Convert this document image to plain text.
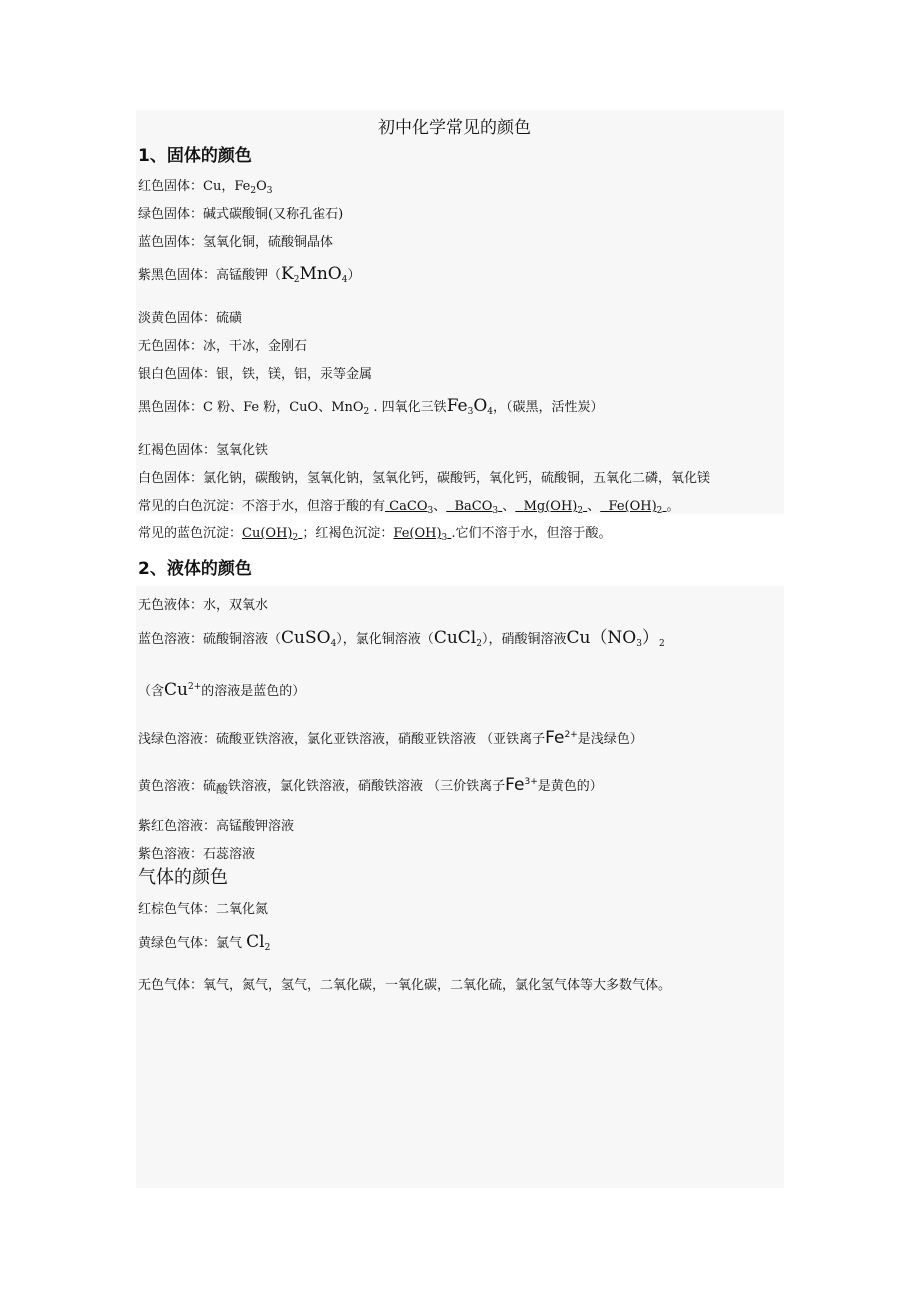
初中化学常见的颜色
1、固体的颜色
红色固体：Cu，$Fe_2O_3$
绿色固体：碱式碳酸铜(又称孔雀石)
蓝色固体：氢氧化铜，硫酸铜晶体
紫黑色固体：高锰酸钾$(K_2MnO_4)$
淡黄色固体：硫磺
无色固体：冰，干冰，金刚石
银白色固体：银，铁，镁，铝，汞等金属
黑色固体：C 粉、Fe 粉，CuO、MnO$_2$ . 四氧化三铁$Fe_3O_4$，（碳黑，活性炭）
红褐色固体：氢氧化铁
白色固体：氯化钠，碳酸钠，氢氧化钠，氢氧化钙，碳酸钙，氧化钙，硫酸铜，五氧化二磷，氧化镁
常见的白色沉淀：不溶于水，但溶于酸的有 CaCO$_3$、 BaCO$_3$ 、 $Mg(OH)_2$ 、 $Fe(OH)_2$ 。
常见的蓝色沉淀：$Cu(OH)_2$ ；红褐色沉淀：$Fe(OH)_3$ .它们不溶于水，但溶于酸。
2、液体的颜色
无色液体：水，双氧水
蓝色溶液：硫酸铜溶液（CuSO$_4$），氯化铜溶液（CuCl$_2$），硝酸铜溶液$Cu(NO_3)_2$
（含$Cu^{2+}$的溶液是蓝色的）
浅绿色溶液：硫酸亚铁溶液，氯化亚铁溶液，硝酸亚铁溶液 （亚铁离子$Fe^{2+}$是浅绿色）
黄色溶液：硫$_酸$铁溶液，氯化铁溶液，硝酸铁溶液 （三价铁离子$Fe^{3+}$是黄色的）
紫红色溶液：高锰酸钾溶液
紫色溶液：石蕊溶液
气体的颜色
红棕色气体：二氧化氮
黄绿色气体：氯气 $Cl_2$
无色气体：氧气，氮气，氢气，二氧化碳，一氧化碳，二氧化硫，氯化氢气体等大多数气体。
